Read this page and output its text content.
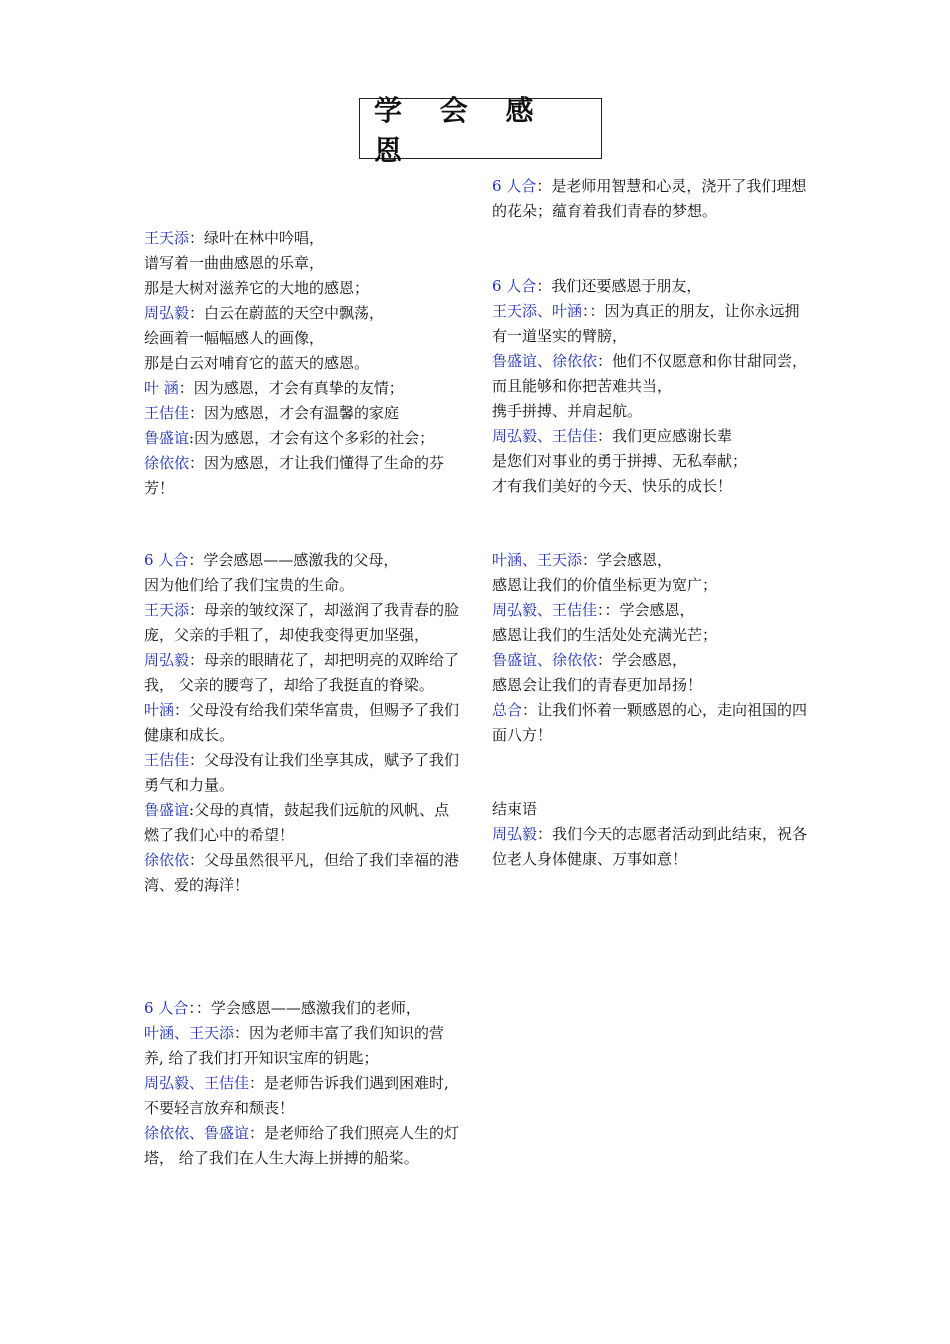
学 会 感 恩
王天添：绿叶在林中吟唱，
谱写着一曲曲感恩的乐章，
那是大树对滋养它的大地的感恩；
周弘毅：白云在蔚蓝的天空中飘荡，
绘画着一幅幅感人的画像，
那是白云对哺育它的蓝天的感恩。
叶 涵：因为感恩，才会有真挚的友情；
王佶佳：因为感恩，才会有温馨的家庭
鲁盛谊:因为感恩，才会有这个多彩的社会；
徐依依：因为感恩，才让我们懂得了生命的芬芳！
6 人合：学会感恩——感激我的父母，
因为他们给了我们宝贵的生命。
王天添：母亲的皱纹深了，却滋润了我青春的脸庞，父亲的手粗了，却使我变得更加坚强，
周弘毅：母亲的眼睛花了，却把明亮的双眸给了我， 父亲的腰弯了，却给了我挺直的脊梁。
叶涵：父母没有给我们荣华富贵，但赐予了我们健康和成长。
王佶佳：父母没有让我们坐享其成，赋予了我们勇气和力量。
鲁盛谊:父母的真情，鼓起我们远航的风帆、点燃了我们心中的希望！
徐依依：父母虽然很平凡，但给了我们幸福的港湾、爱的海洋！
6 人合：：学会感恩——感激我们的老师，
叶涵、王天添：因为老师丰富了我们知识的营养, 给了我们打开知识宝库的钥匙；
周弘毅、王佶佳：是老师告诉我们遇到困难时, 不要轻言放弃和颓丧！
徐依依、鲁盛谊：是老师给了我们照亮人生的灯塔， 给了我们在人生大海上拼搏的船桨。
6 人合：是老师用智慧和心灵，浇开了我们理想的花朵；蕴育着我们青春的梦想。
6 人合：我们还要感恩于朋友，
王天添、叶涵：：因为真正的朋友，让你永远拥有一道坚实的臂膀，
鲁盛谊、徐依依：他们不仅愿意和你甘甜同尝，而且能够和你把苦难共当，
携手拼搏、并肩起航。
周弘毅、王佶佳：我们更应感谢长辈
是您们对事业的勇于拼搏、无私奉献；
才有我们美好的今天、快乐的成长！
叶涵、王天添：学会感恩，
感恩让我们的价值坐标更为宽广；
周弘毅、王佶佳：：学会感恩，
感恩让我们的生活处处充满光芒；
鲁盛谊、徐依依：学会感恩，
感恩会让我们的青春更加昂扬！
总合：让我们怀着一颗感恩的心，走向祖国的四面八方！
结束语
周弘毅：我们今天的志愿者活动到此结束，祝各位老人身体健康、万事如意！
